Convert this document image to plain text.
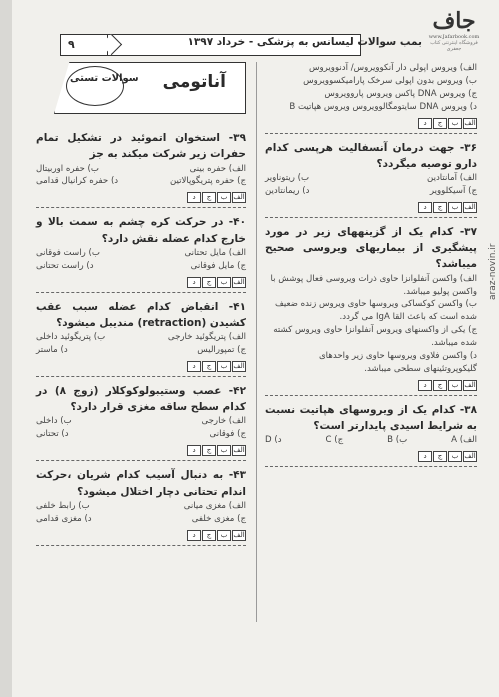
جاف
www.Jafarbook.com
فروشگاه اینترنتی کتاب جعفری
۹	بمب سوالات لیسانس به پزشکی - خرداد ۱۳۹۷
araz-novin.ir
الف) ویروس اپولی دار آنکوویروس/ آدنوویروس
ب) ویروس بدون اپولی سرخک پارامیکسوویروس
ج) ویروس DNA پاکس ویروس پاروویروس
د) ویروس DNA سایتومگالوویروس ویروس هپاتیت B
الف
ب
ج
د
۳۶- جهت درمان آنسفالیت هرپسی کدام دارو توصیه میگردد؟
الف) آمانتادین
ب) ریتوناویر
ج) آسیکلوویر
د) ریمانتادین
الف
ب
ج
د
۳۷- کدام یک از گزینههای زیر در مورد پیشگیری از بیماریهای ویروسی صحیح میباشد؟
الف) واکسن آنفلوانزا حاوی ذرات ویروسی فعال پوشش با واکسن پولیو میباشد.
ب) واکسن کوکساکی ویروسها حاوی ویروس زنده ضعیف شده است که باعث القا IgA می گردد.
ج) یکی از واکسنهای ویروس آنفلوانزا حاوی ویروس کشته شده میباشد.
د) واکسن فلاوی ویروسها حاوی زیر واحدهای گلیکوپروتئینهای سطحی میباشد.
الف
ب
ج
د
۳۸- کدام یک از ویروسهای هپاتیت نسبت به شرایط اسیدی پایدارتر است؟
الف) A
ب) B
ج) C
د) D
الف
ب
ج
د
آناتومی
سوالات تستی
۳۹- استخوان اتموئید در تشکیل تمام حفرات زیر شرکت میکند به جز
الف) حفره بینی
ب) حفره اوربیتال
ج) حفره پتریگوپالاتین
د) حفره کرانیال قدامی
الف
ب
ج
د
۴۰- در حرکت کره چشم به سمت بالا و خارج کدام عضله نقش دارد؟
الف) مایل تحتانی
ب) راست فوقانی
ج) مایل فوقانی
د) راست تحتانی
الف
ب
ج
د
۴۱- انقباض کدام عضله سبب عقب کشیدن (retraction) مندیبل میشود؟
الف) پتریگوئید خارجی
ب) پتریگوئید داخلی
ج) تمپورالیس
د) ماستر
الف
ب
ج
د
۴۲- عصب وستیبولوکوکلار (زوج ۸) در کدام سطح ساقه مغزی قرار دارد؟
الف) خارجی
ب) داخلی
ج) فوقانی
د) تحتانی
الف
ب
ج
د
۴۳- به دنبال آسیب کدام شریان ،حرکت اندام تحتانی دچار اختلال میشود؟
الف) مغزی میانی
ب) رابط خلفی
ج) مغزی خلفی
د) مغزی قدامی
الف
ب
ج
د
